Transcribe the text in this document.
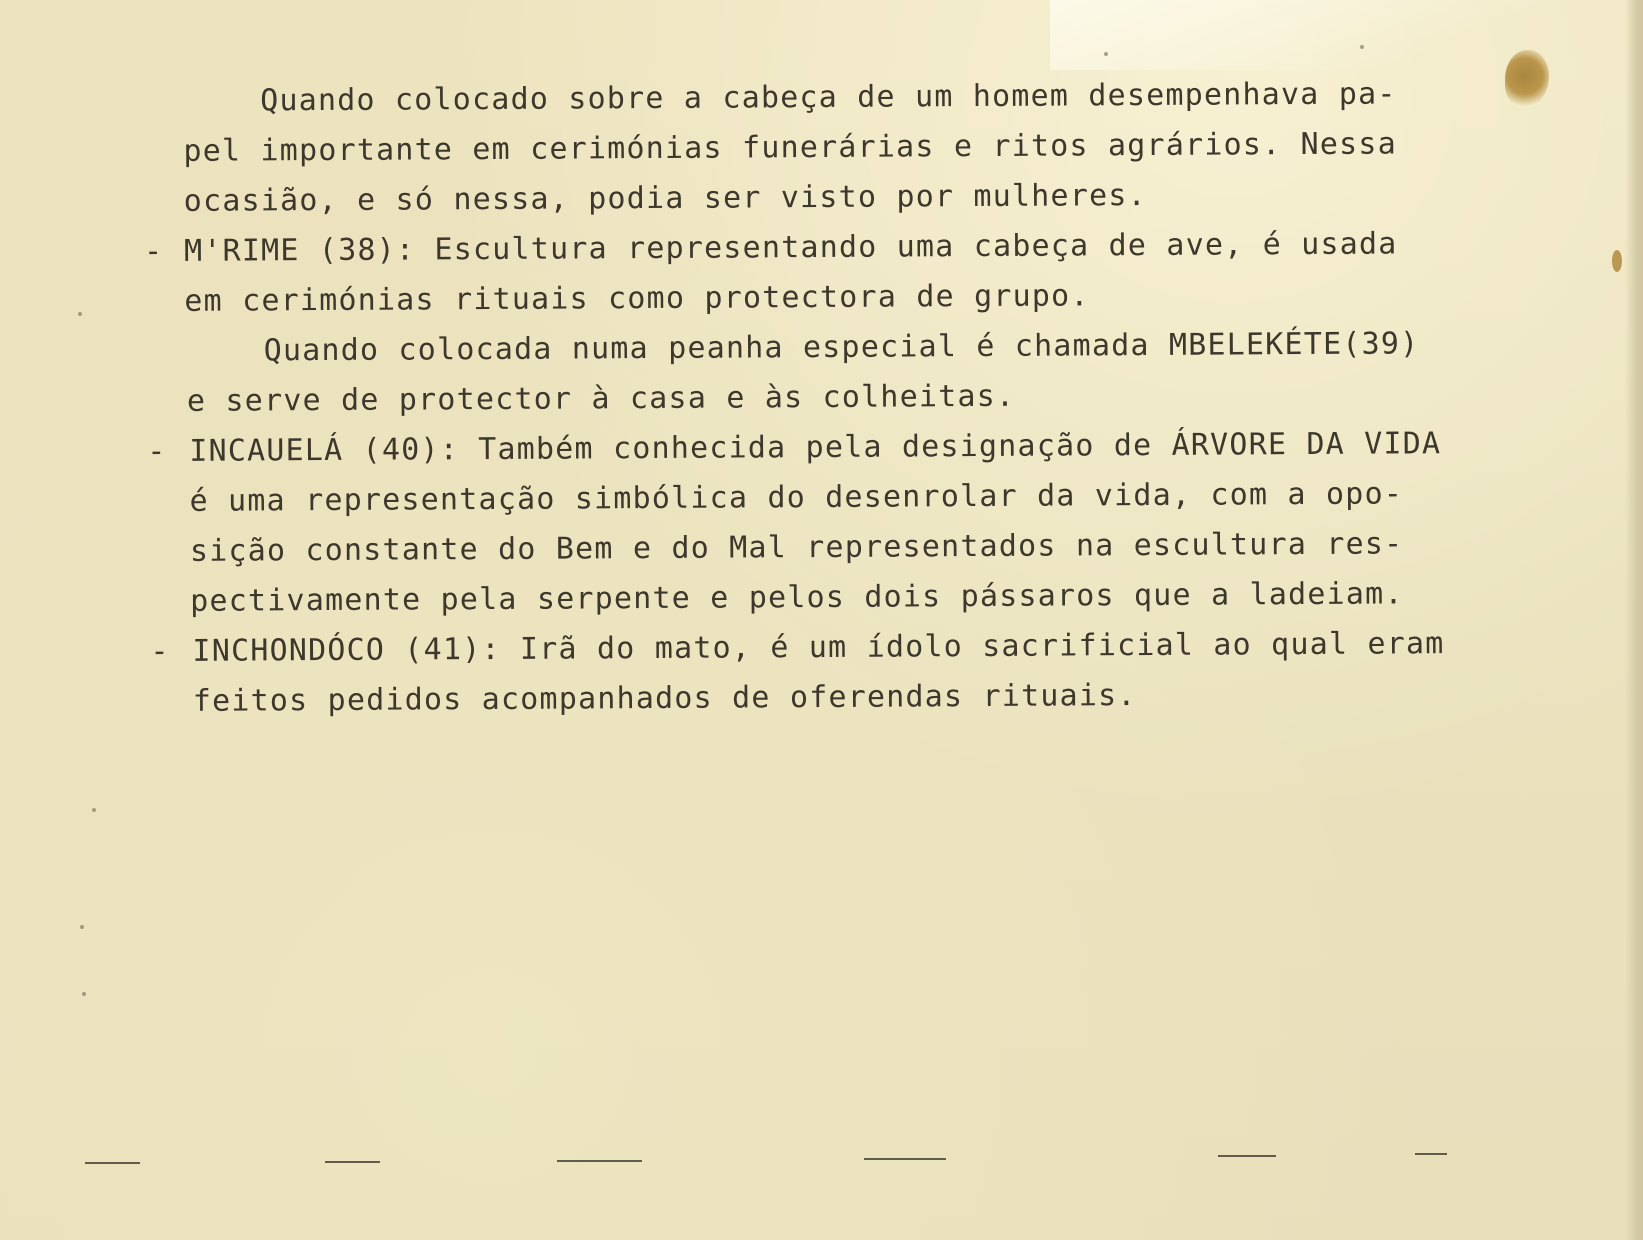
Quando colocado sobre a cabeça de um homem desempenhava pa-
pel importante em cerimónias funerárias e ritos agrários. Nessa
ocasião, e só nessa, podia ser visto por mulheres.
- M'RIME (38): Escultura representando uma cabeça de ave, é usada
em cerimónias rituais como protectora de grupo.
Quando colocada numa peanha especial é chamada MBELEKÉTE(39)
e serve de protector à casa e às colheitas.
- INCAUELÁ (40): Também conhecida pela designação de ÁRVORE DA VIDA
é uma representação simbólica do desenrolar da vida, com a opo-
sição constante do Bem e do Mal representados na escultura res-
pectivamente pela serpente e pelos dois pássaros que a ladeiam.
- INCHONDÓCO (41): Irã do mato, é um ídolo sacrificial ao qual eram
feitos pedidos acompanhados de oferendas rituais.
